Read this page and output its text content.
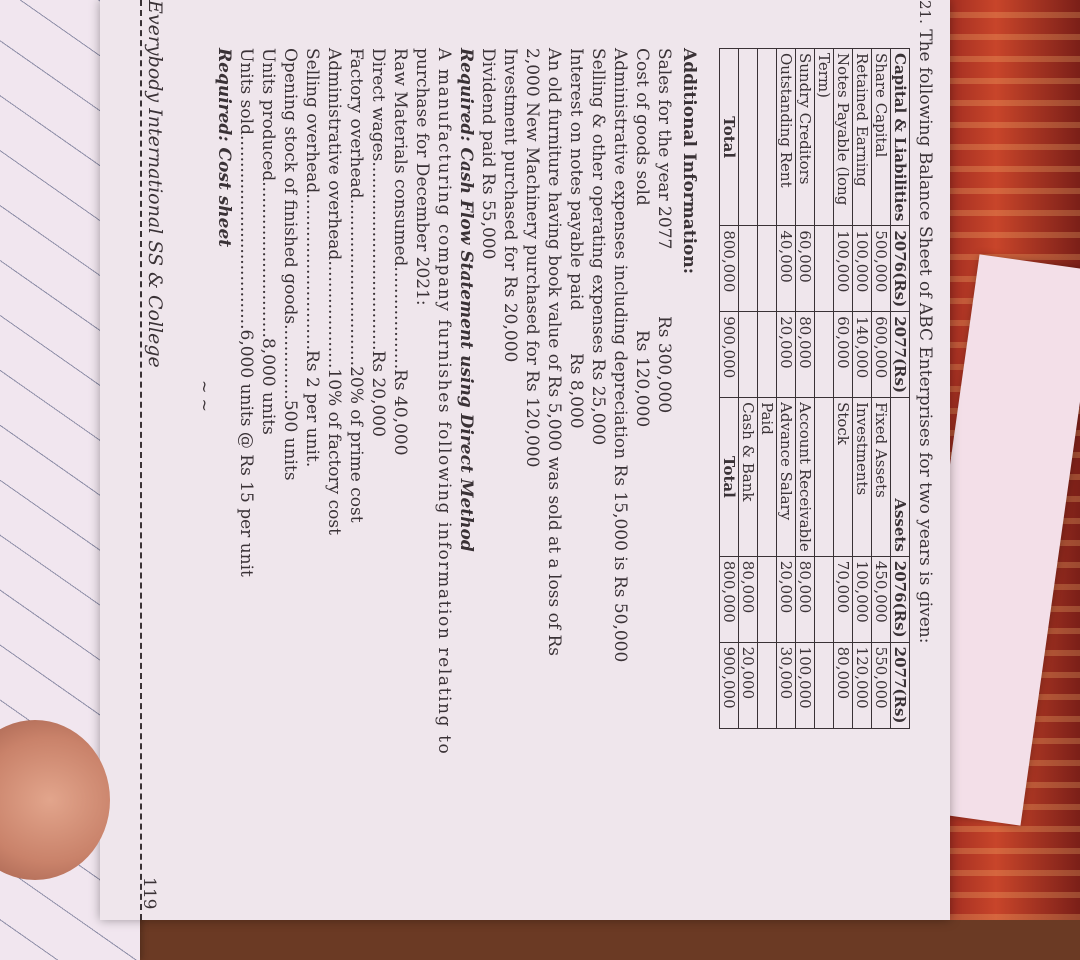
21. The following Balance Sheet of ABC Enterprises for two years is given:
Capital & Liabilities	2076(Rs)	2077(Rs)	Assets	2076(Rs)	2077(Rs)
Share Capital	500,000	600,000	Fixed Assets	450,000	550,000
Retained Earning	100,000	140,000	Investments	100,000	120,000
Notes Payable (long	100,000	60,000	Stock	70,000	80,000
Term)					
Sundry Creditors	60,000	80,000	Account Receivable	80,000	100,000
Outstanding Rent	40,000	20,000	Advance Salary	20,000	30,000
			Paid		
			Cash & Bank	80,000	20,000
Total	800,000	900,000	Total	800,000	900,000
Additional Information:
Sales for the year 2077
Rs 300,000
Cost of goods sold
Rs 120,000
Administrative expenses including depreciation Rs 15,000 is Rs 50,000
Selling & other operating expenses Rs 25,000
Interest on notes payable paid
Rs 8,000
An old furniture having book value of Rs 5,000 was sold at a loss of Rs
2,000 New Machinery purchased for Rs 120,000
Investment purchased for Rs 20,000
Dividend paid Rs 55,000
Required: Cash Flow Statement using Direct Method
A manufacturing company furnishes following information relating to
purchase for December 2021:
Raw Materials consumed...................Rs 40,000
Direct wages...................................Rs 20,000
Factory overhead...............................20% of prime cost
Administrative overhead....................10% of factory cost
Selling overhead.............................Rs 2 per unit.
Opening stock of finished goods..............500 units
Units produced.............................8,000 units
Units sold....................................6,000 units @ Rs 15 per unit
Required: Cost sheet
~ ~
Everybody International SS & College
119
